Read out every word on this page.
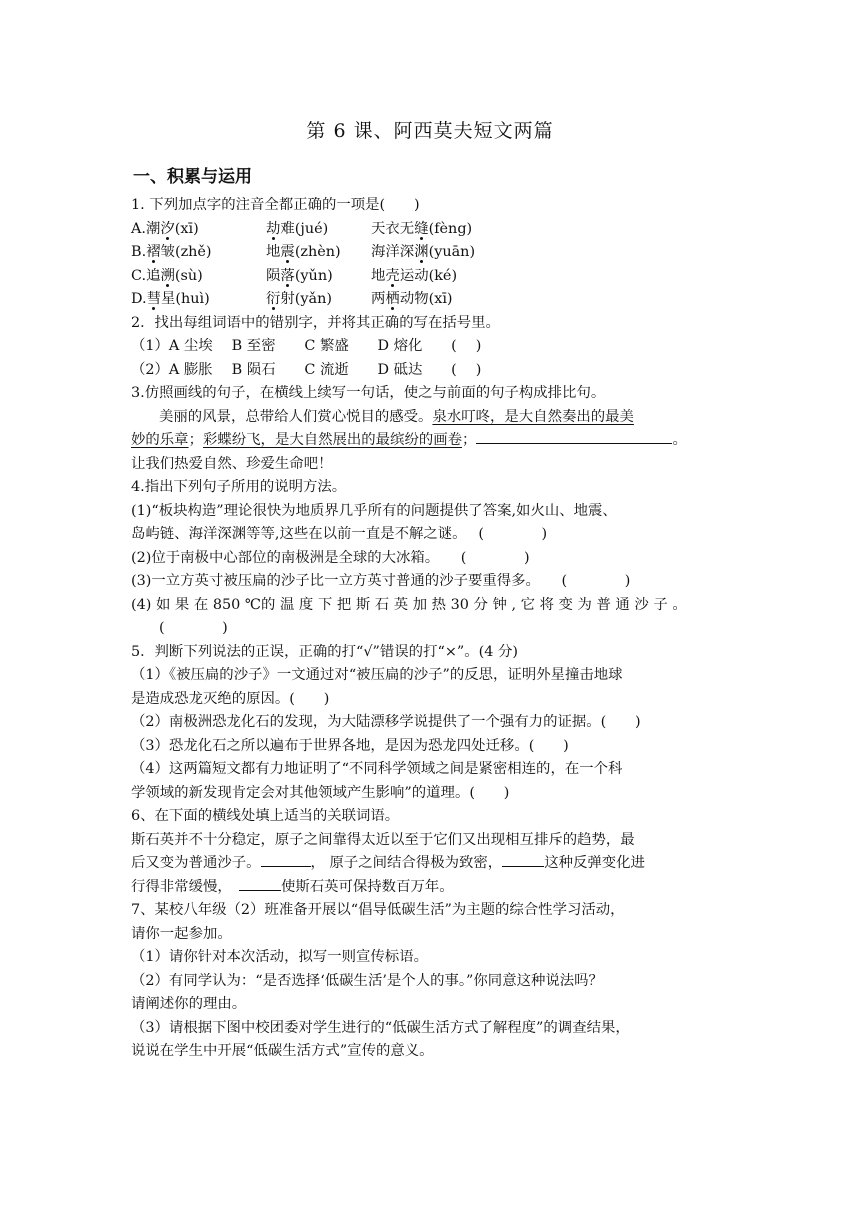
第 6 课、阿西莫夫短文两篇
一、积累与运用

1. 下列加点字的注音全都正确的一项是(　　)

A.潮汐(xī)	劫难(jué)	天衣无缝(fèng)

B.褶皱(zhě)	地震(zhèn) 海洋深渊(yuān)

C.追溯(sù)	陨落(yǔn)	地壳运动(ké)

D.彗星(huì)	衍射(yǎn)	两栖动物(xī)

2．找出每组词语中的错别字，并将其正确的写在括号里。

（1）A 尘埃　 B 至密　　C 繁盛　　D 熔化　　(　 )

（2）A 膨胀　 B 陨石　　C 流逝　　D 砥达　　(　 )

3.仿照画线的句子，在横线上续写一句话，使之与前面的句子构成排比句。

美丽的风景，总带给人们赏心悦目的感受。泉水叮咚，是大自然奏出的最美

妙的乐章；彩蝶纷飞，是大自然展出的最缤纷的画卷；	。

让我们热爱自然、珍爱生命吧！

4.指出下列句子所用的说明方法。

(1)“板块构造”理论很快为地质界几乎所有的问题提供了答案,如火山、地震、

岛屿链、海洋深渊等等,这些在以前一直是不解之谜。　 (　　　　)

(2)位于南极中心部位的南极洲是全球的大冰箱。　　(　　　　)

(3)一立方英寸被压扁的沙子比一立方英寸普通的沙子要重得多。　　(　　　　)

(4) 如 果 在 850 ℃的 温 度 下 把 斯 石 英 加 热 30 分 钟 , 它 将 变 为 普 通 沙 子 。

(　　　　)

5．判断下列说法的正误，正确的打“√”错误的打“×”。(4 分)

（1）《被压扁的沙子》一文通过对“被压扁的沙子”的反思，证明外星撞击地球

是造成恐龙灭绝的原因。(　　)

（2）南极洲恐龙化石的发现，为大陆漂移学说提供了一个强有力的证据。(　　)

（3）恐龙化石之所以遍布于世界各地，是因为恐龙四处迁移。(　　)

（4）这两篇短文都有力地证明了“不同科学领域之间是紧密相连的，在一个科

学领域的新发现肯定会对其他领域产生影响”的道理。(　　)

6、在下面的横线处填上适当的关联词语。

斯石英并不十分稳定，原子之间靠得太近以至于它们又出现相互排斥的趋势，最

后又变为普通沙子。	， 原子之间结合得极为致密，	这种反弹变化进

行得非常缓慢，　	使斯石英可保持数百万年。

7、某校八年级（2）班准备开展以“倡导低碳生活”为主题的综合性学习活动，

请你一起参加。

（1）请你针对本次活动，拟写一则宣传标语。

（2）有同学认为：“是否选择‘低碳生活’是个人的事。”你同意这种说法吗？

请阐述你的理由。

（3）请根据下图中校团委对学生进行的“低碳生活方式了解程度”的调查结果，

说说在学生中开展“低碳生活方式”宣传的意义。
